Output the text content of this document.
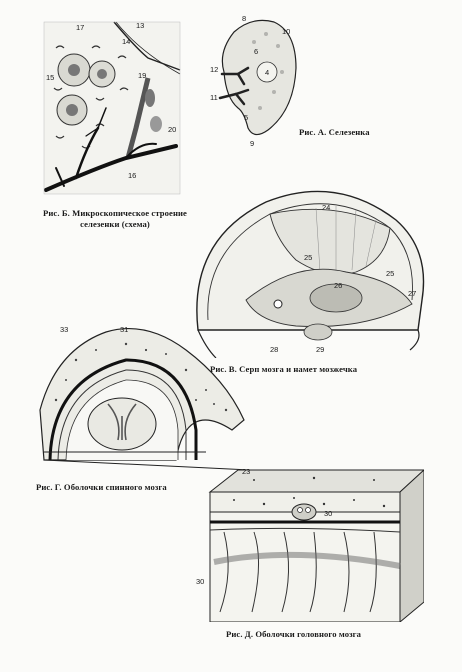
17	13
14
15	19
20
16
Рис. Б. Микроскопическое строение
селезенки (схема)
8
10
6
12	4
11
5
9
Рис. А. Селезенка
24
25
25
26
27
28	29
Рис. В. Серп мозга и намет мозжечка
33	31
Рис. Г. Оболочки спинного мозга
23
30
30
Рис. Д. Оболочки головного мозга
